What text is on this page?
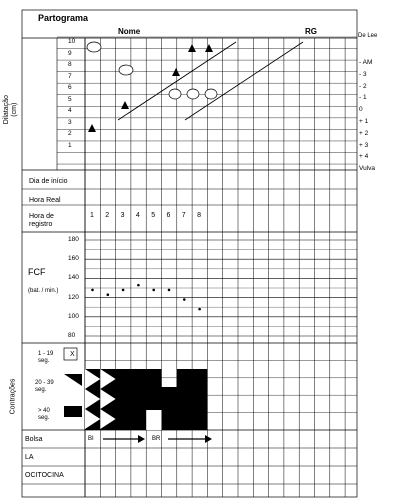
Partograma
Nome	RG	De Lee
Dilatação
(cm)
10
9
8
7
6
5
4
3
2
1
- AM
- 3
- 2
- 1
0
+ 1
+ 2
+ 3
+ 4
Vulva
Dia de início
Hora Real
Hora de
registro
1 2 3 4 5 6 7 8
FCF
(bat. / min.)
180
160
140
120
100
80
Contrações
1 - 19
seg.
X
20 - 39
seg.
> 40
seg.
Bolsa	BI	BR
LA
OCITOCINA
